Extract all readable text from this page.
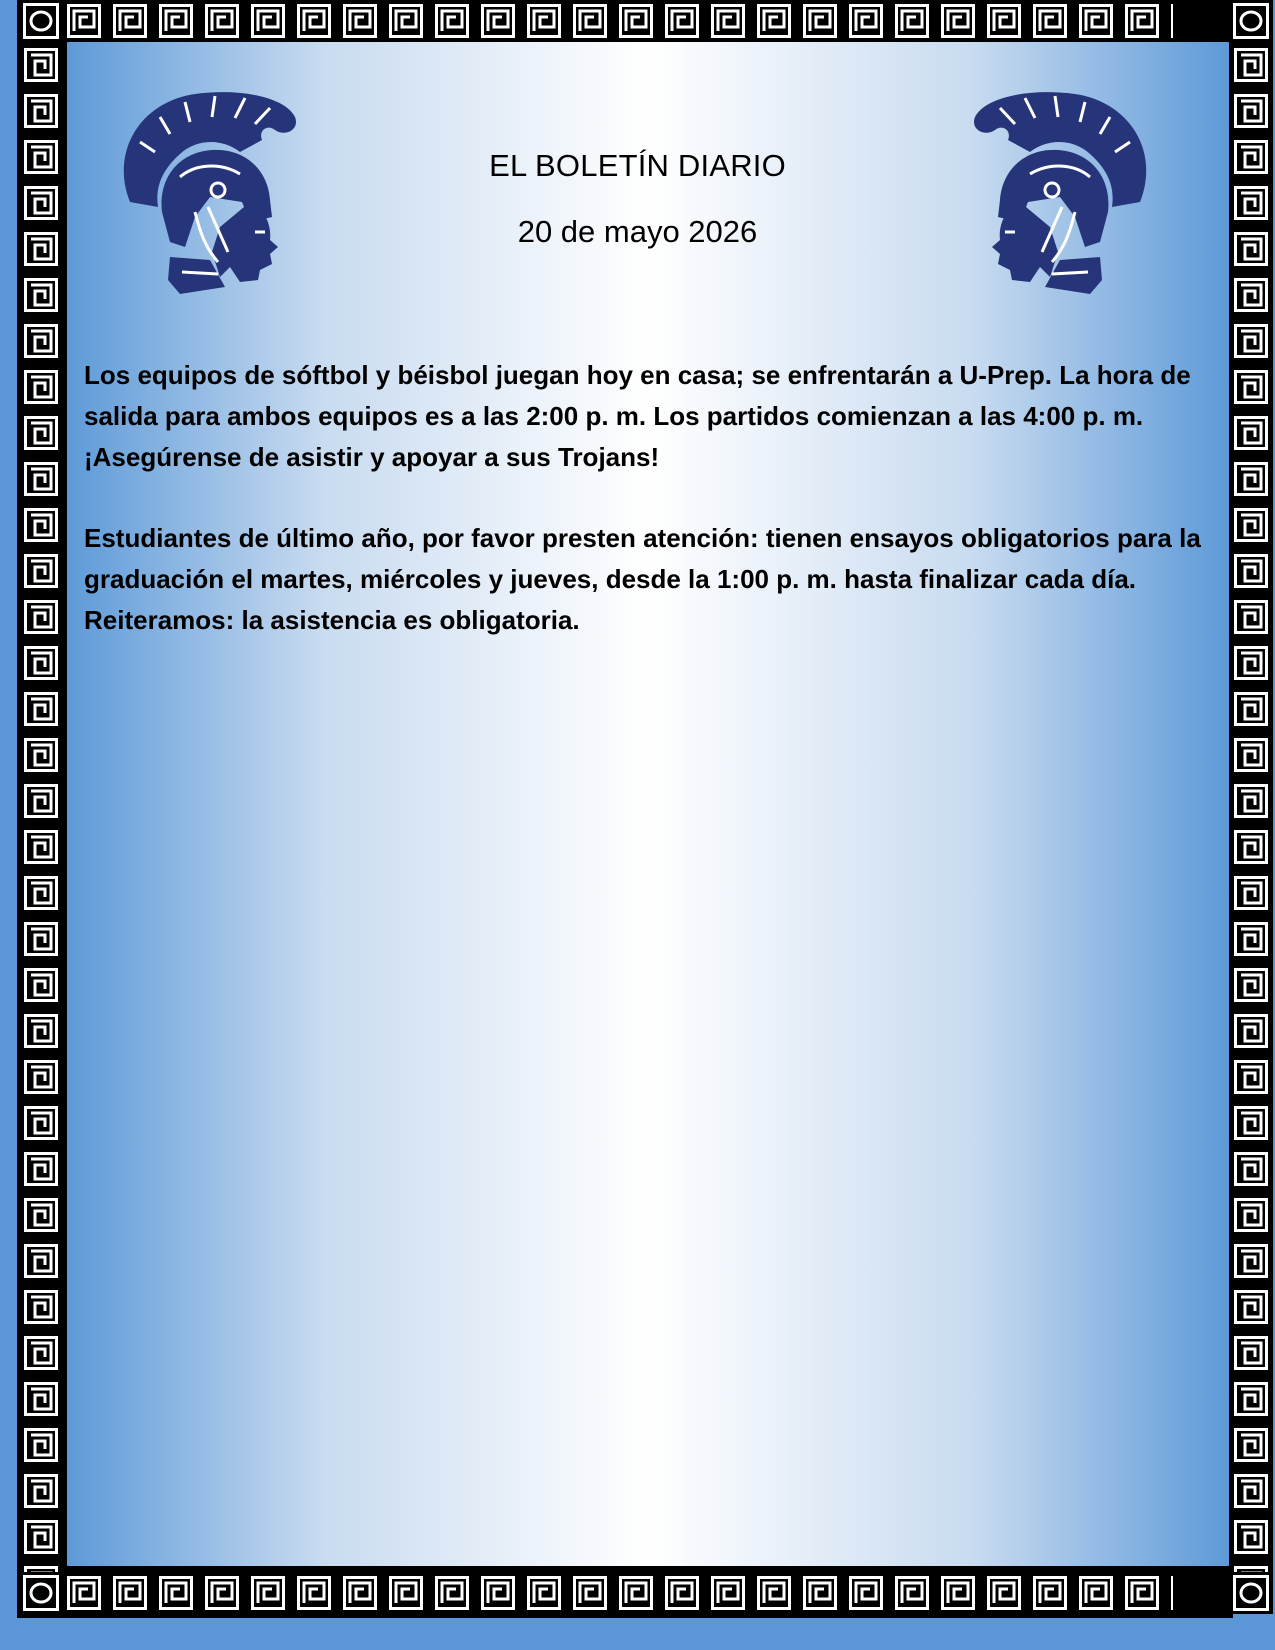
EL BOLETÍN DIARIO
20 de mayo 2026
Los equipos de sóftbol y béisbol juegan hoy en casa; se enfrentarán a U-Prep. La hora de salida para ambos equipos es a las 2:00 p. m. Los partidos comienzan a las 4:00 p. m. ¡Asegúrense de asistir y apoyar a sus Trojans!
Estudiantes de último año, por favor presten atención: tienen ensayos obligatorios para la graduación el martes, miércoles y jueves, desde la 1:00 p. m. hasta finalizar cada día. Reiteramos: la asistencia es obligatoria.
